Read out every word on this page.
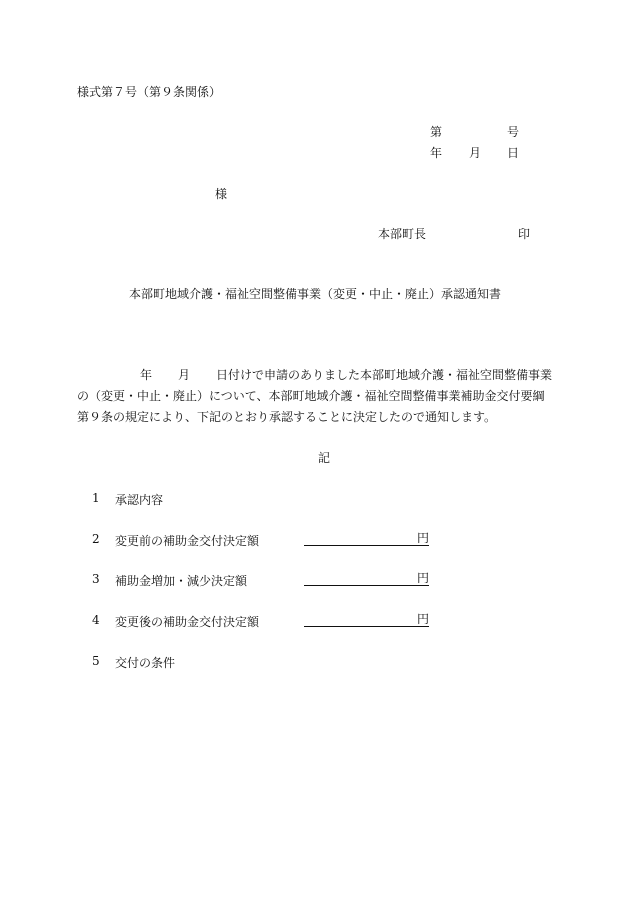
様式第７号（第９条関係）

第	号
年 月 日
様
本部町長	印
本部町地域介護・福祉空間整備事業（変更・中止・廃止）承認通知書
年 月 日付けで申請のありました本部町地域介護・福祉空間整備事業

の（変更・中止・廃止）について、本部町地域介護・福祉空間整備事業補助金交付要綱

第９条の規定により、下記のとおり承認することに決定したので通知します。

記
1 承認内容
2 変更前の補助金交付決定額	円
3 補助金増加・減少決定額	円
4 変更後の補助金交付決定額	円
5 交付の条件
